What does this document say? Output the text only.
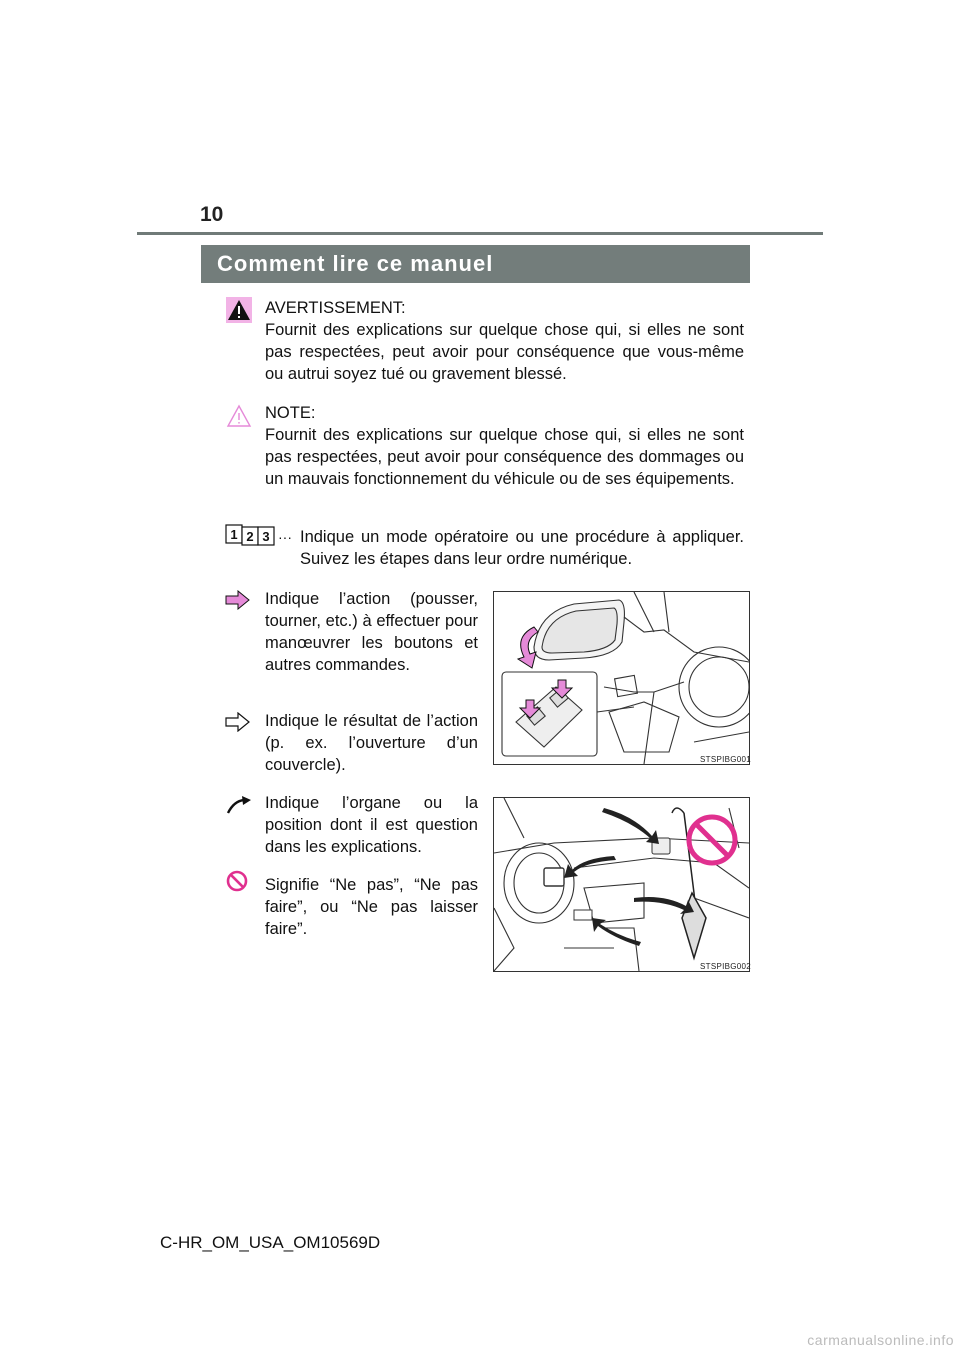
10
Comment lire ce manuel
AVERTISSEMENT:
Fournit des explications sur quelque chose qui, si elles ne sont pas respectées, peut avoir pour conséquence que vous-même ou autrui soyez tué ou gravement blessé.
NOTE:
Fournit des explications sur quelque chose qui, si elles ne sont pas respectées, peut avoir pour conséquence des dommages ou un mauvais fonctionnement du véhicule ou de ses équipements.
1 2 3 ··· Indique un mode opératoire ou une procédure à appliquer. Suivez les étapes dans leur ordre numérique.
Indique l’action (pousser, tourner, etc.) à effectuer pour manœuvrer les boutons et autres commandes.
Indique le résultat de l’action (p. ex. l’ouverture d’un couvercle).
Indique l’organe ou la position dont il est question dans les explications.
Signifie “Ne pas”, “Ne pas faire”, ou “Ne pas laisser faire”.
STSPIBG001
STSPIBG002
C-HR_OM_USA_OM10569D
carmanualsonline.info
